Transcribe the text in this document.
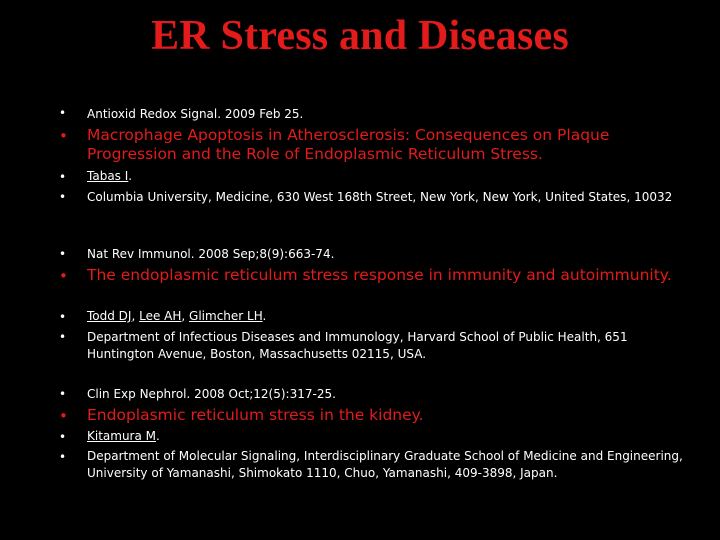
ER Stress and Diseases
• Antioxid Redox Signal. 2009 Feb 25.
• Macrophage Apoptosis in Atherosclerosis: Consequences on Plaque Progression and the Role of Endoplasmic Reticulum Stress.
• Tabas I.
• Columbia University, Medicine, 630 West 168th Street, New York, New York, United States, 10032
• Nat Rev Immunol. 2008 Sep;8(9):663-74.
• The endoplasmic reticulum stress response in immunity and autoimmunity.
• Todd DJ, Lee AH, Glimcher LH.
• Department of Infectious Diseases and Immunology, Harvard School of Public Health, 651 Huntington Avenue, Boston, Massachusetts 02115, USA.
• Clin Exp Nephrol. 2008 Oct;12(5):317-25.
• Endoplasmic reticulum stress in the kidney.
• Kitamura M.
• Department of Molecular Signaling, Interdisciplinary Graduate School of Medicine and Engineering, University of Yamanashi, Shimokato 1110, Chuo, Yamanashi, 409-3898, Japan.
